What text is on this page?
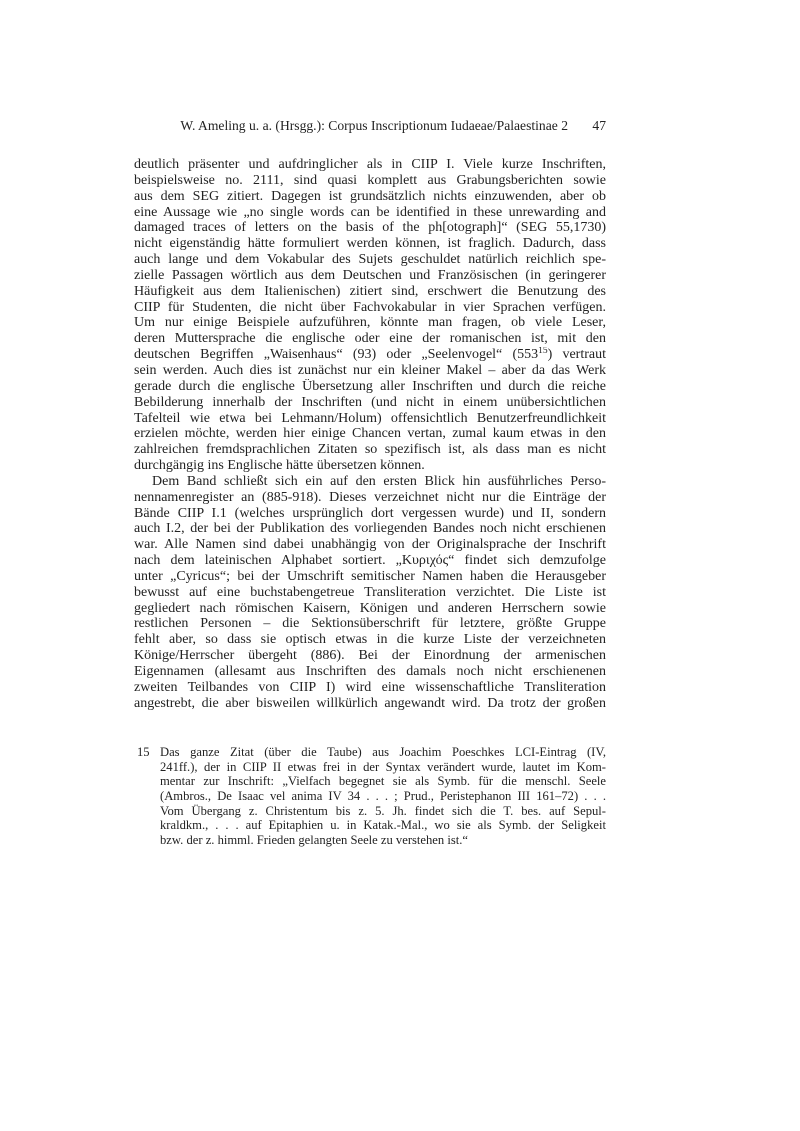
W. Ameling u. a. (Hrsgg.): Corpus Inscriptionum Iudaeae/Palaestinae 2 47
deutlich präsenter und aufdringlicher als in CIIP I. Viele kurze Inschriften,
beispielsweise no. 2111, sind quasi komplett aus Grabungsberichten sowie
aus dem SEG zitiert. Dagegen ist grundsätzlich nichts einzuwenden, aber ob
eine Aussage wie „no single words can be identified in these unrewarding and
damaged traces of letters on the basis of the ph[otograph]“ (SEG 55,1730)
nicht eigenständig hätte formuliert werden können, ist fraglich. Dadurch, dass
auch lange und dem Vokabular des Sujets geschuldet natürlich reichlich spe-
zielle Passagen wörtlich aus dem Deutschen und Französischen (in geringerer
Häufigkeit aus dem Italienischen) zitiert sind, erschwert die Benutzung des
CIIP für Studenten, die nicht über Fachvokabular in vier Sprachen verfügen.
Um nur einige Beispiele aufzuführen, könnte man fragen, ob viele Leser,
deren Muttersprache die englische oder eine der romanischen ist, mit den
deutschen Begriffen „Waisenhaus“ (93) oder „Seelenvogel“ $(553^{15})$ vertraut
sein werden. Auch dies ist zunächst nur ein kleiner Makel – aber da das Werk
gerade durch die englische Übersetzung aller Inschriften und durch die reiche
Bebilderung innerhalb der Inschriften (und nicht in einem unübersichtlichen
Tafelteil wie etwa bei Lehmann/Holum) offensichtlich Benutzerfreundlichkeit
erzielen möchte, werden hier einige Chancen vertan, zumal kaum etwas in den
zahlreichen fremdsprachlichen Zitaten so spezifisch ist, als dass man es nicht
durchgängig ins Englische hätte übersetzen können.
Dem Band schließt sich ein auf den ersten Blick hin ausführliches Perso-
nennamenregister an (885-918). Dieses verzeichnet nicht nur die Einträge der
Bände CIIP I.1 (welches ursprünglich dort vergessen wurde) und II, sondern
auch I.2, der bei der Publikation des vorliegenden Bandes noch nicht erschienen
war. Alle Namen sind dabei unabhängig von der Originalsprache der Inschrift
nach dem lateinischen Alphabet sortiert. „Κυριχός“ findet sich demzufolge
unter „Cyricus“; bei der Umschrift semitischer Namen haben die Herausgeber
bewusst auf eine buchstabengetreue Transliteration verzichtet. Die Liste ist
gegliedert nach römischen Kaisern, Königen und anderen Herrschern sowie
restlichen Personen – die Sektionsüberschrift für letztere, größte Gruppe
fehlt aber, so dass sie optisch etwas in die kurze Liste der verzeichneten
Könige/Herrscher übergeht (886). Bei der Einordnung der armenischen
Eigennamen (allesamt aus Inschriften des damals noch nicht erschienenen
zweiten Teilbandes von CIIP I) wird eine wissenschaftliche Transliteration
angestrebt, die aber bisweilen willkürlich angewandt wird. Da trotz der großen
15 Das ganze Zitat (über die Taube) aus Joachim Poeschkes LCI-Eintrag (IV,
241ff.), der in CIIP II etwas frei in der Syntax verändert wurde, lautet im Kom-
mentar zur Inschrift: „Vielfach begegnet sie als Symb. für die menschl. Seele
(Ambros., De Isaac vel anima IV 34 . . . ; Prud., Peristephanon III 161–72) . . .
Vom Übergang z. Christentum bis z. 5. Jh. findet sich die T. bes. auf Sepul-
kraldkm., . . . auf Epitaphien u. in Katak.-Mal., wo sie als Symb. der Seligkeit
bzw. der z. himml. Frieden gelangten Seele zu verstehen ist.“
